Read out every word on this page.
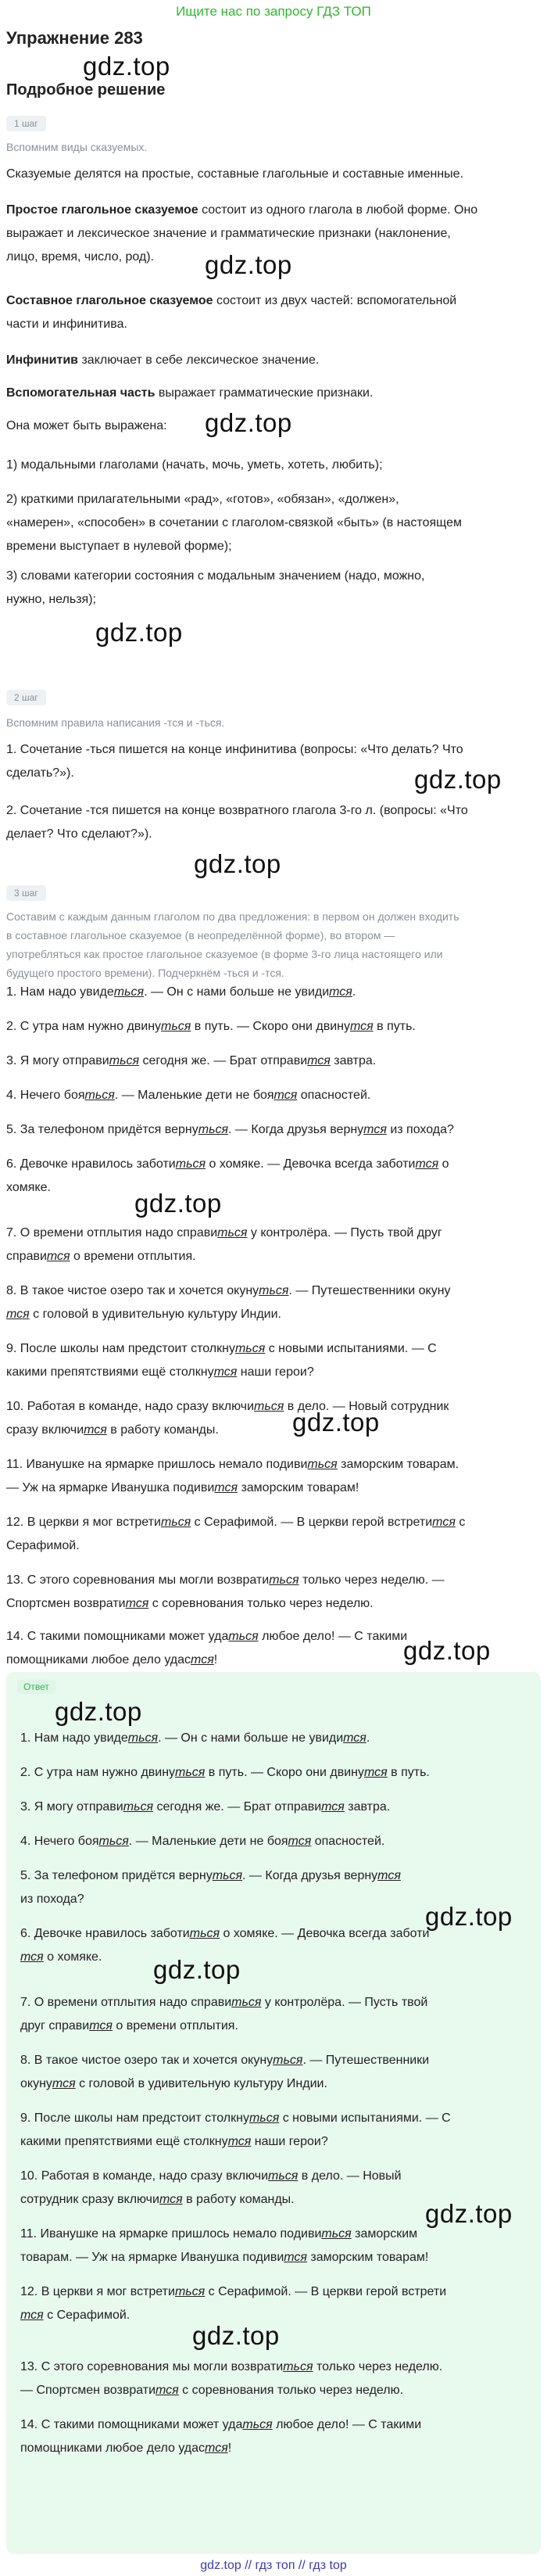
Ищите нас по запросу ГДЗ ТОП
Упражнение 283
gdz.top
Подробное решение
1 шаг
Вспомним виды сказуемых.
Сказуемые делятся на простые, составные глагольные и составные именные.
Простое глагольное сказуемое состоит из одного глагола в любой форме. Оно
выражает и лексическое значение и грамматические признаки (наклонение,
лицо, время, число, род).	gdz.top
Составное глагольное сказуемое состоит из двух частей: вспомогательной
части и инфинитива.
Инфинитив заключает в себе лексическое значение.
Вспомогательная часть выражает грамматические признаки.
gdz.top
Она может быть выражена:
1) модальными глаголами (начать, мочь, уметь, хотеть, любить);
2) краткими прилагательными «рад», «готов», «обязан», «должен»,
«намерен», «способен» в сочетании с глаголом-связкой «быть» (в настоящем
времени выступает в нулевой форме);
3) словами категории состояния с модальным значением (надо, можно,
нужно, нельзя);
gdz.top
2 шаг
Вспомним правила написания -тся и -ться.
1. Сочетание -ться пишется на конце инфинитива (вопросы: «Что делать? Что
сделать?»).	gdz.top
2. Сочетание -тся пишется на конце возвратного глагола 3-го л. (вопросы: «Что
делает? Что сделают?»).
gdz.top
3 шаг
Составим с каждым данным глаголом по два предложения: в первом он должен входить
в составное глагольное сказуемое (в неопределённой форме), во втором —
употребляться как простое глагольное сказуемое (в форме 3-го лица настоящего или
будущего простого времени). Подчеркнём -ться и -тся.
1. Нам надо увидеться. — Он с нами больше не увидится.
2. С утра нам нужно двинуться в путь. — Скоро они двинутся в путь.
3. Я могу отправиться сегодня же. — Брат отправится завтра.
4. Нечего бояться. — Маленькие дети не боятся опасностей.
5. За телефоном придётся вернуться. — Когда друзья вернутся из похода?
6. Девочке нравилось заботиться о хомяке. — Девочка всегда заботится о
хомяке.
gdz.top
7. О времени отплытия надо справиться у контролёра. — Пусть твой друг
справится о времени отплытия.
8. В такое чистое озеро так и хочется окунуться. — Путешественники окуну
тся с головой в удивительную культуру Индии.
9. После школы нам предстоит столкнуться с новыми испытаниями. — С
какими препятствиями ещё столкнутся наши герои?
10. Работая в команде, надо сразу включиться в дело. — Новый сотрудник
сразу включится в работу команды.	gdz.top
11. Иванушке на ярмарке пришлось немало подивиться заморским товарам.
— Уж на ярмарке Иванушка подивится заморским товарам!
12. В церкви я мог встретиться с Серафимой. — В церкви герой встретится с
Серафимой.
13. С этого соревнования мы могли возвратиться только через неделю. —
Спортсмен возвратится с соревнования только через неделю.
14. С такими помощниками может удаться любое дело! — С такими
помощниками любое дело удастся!	gdz.top
Ответ
gdz.top
1. Нам надо увидеться. — Он с нами больше не увидится.
2. С утра нам нужно двинуться в путь. — Скоро они двинутся в путь.
3. Я могу отправиться сегодня же. — Брат отправится завтра.
4. Нечего бояться. — Маленькие дети не боятся опасностей.
5. За телефоном придётся вернуться. — Когда друзья вернутся
из похода?
gdz.top
6. Девочке нравилось заботиться о хомяке. — Девочка всегда заботи
тся о хомяке.	gdz.top
7. О времени отплытия надо справиться у контролёра. — Пусть твой
друг справится о времени отплытия.
8. В такое чистое озеро так и хочется окунуться. — Путешественники
окунутся с головой в удивительную культуру Индии.
9. После школы нам предстоит столкнуться с новыми испытаниями. — С
какими препятствиями ещё столкнутся наши герои?
10. Работая в команде, надо сразу включиться в дело. — Новый
сотрудник сразу включится в работу команды.	gdz.top
11. Иванушке на ярмарке пришлось немало подивиться заморским
товарам. — Уж на ярмарке Иванушка подивится заморским товарам!
12. В церкви я мог встретиться с Серафимой. — В церкви герой встрети
тся с Серафимой.
gdz.top
13. С этого соревнования мы могли возвратиться только через неделю.
— Спортсмен возвратится с соревнования только через неделю.
14. С такими помощниками может удаться любое дело! — С такими
помощниками любое дело удастся!
gdz.top // гдз топ // гдз top
